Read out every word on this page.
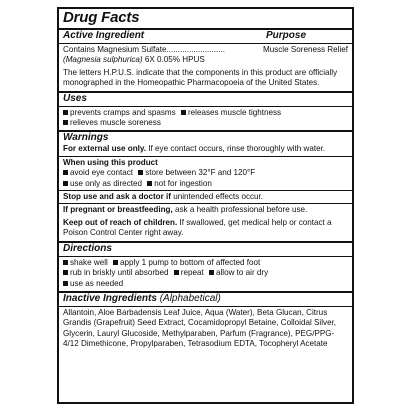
Drug Facts
Active Ingredient	Purpose
Contains Magnesium Sulfate..........................	Muscle Soreness Relief
(Magnesia sulphurica) 6X 0.05% HPUS

The letters H.P.U.S. indicate that the components in this product are officially monographed in the Homeopathic Pharmacopoeia of the United States.

Uses
prevents cramps and spasms releases muscle tightness
relieves muscle soreness
Warnings

For external use only. If eye contact occurs, rinse thoroughly with water.

When using this product
avoid eye contact store between 32°F and 120°F
use only as directed not for ingestion
Stop use and ask a doctor if unintended effects occur.
If pregnant or breastfeeding, ask a health professional before use.

Keep out of reach of children. If swallowed, get medical help or contact a Poison Control Center right away.

Directions
shake well apply 1 pump to bottom of affected foot
rub in briskly until absorbed repeat allow to air dry
use as needed
Inactive Ingredients (Alphabetical)

Allantoin, Aloe Barbadensis Leaf Juice, Aqua (Water), Beta Glucan, Citrus Grandis (Grapefruit) Seed Extract, Cocamidopropyl Betaine, Colloidal Silver, Glycerin, Lauryl Glucoside, Methylparaben, Parfum (Fragrance), PEG/PPG-4/12 Dimethicone, Propylparaben, Tetrasodium EDTA, Tocopheryl Acetate
